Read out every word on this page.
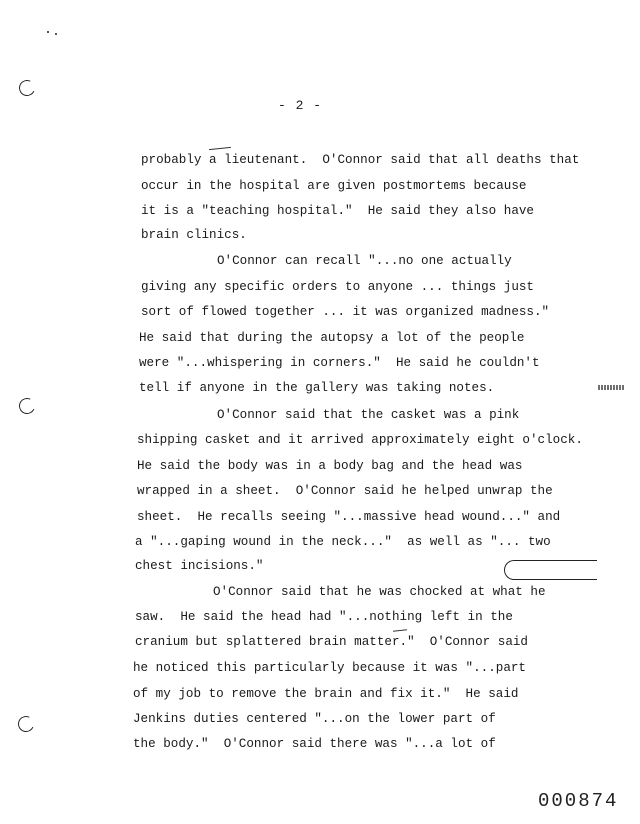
- 2 -
probably a lieutenant.  O'Connor said that all deaths that
occur in the hospital are given postmortems because
it is a "teaching hospital."  He said they also have
brain clinics.
O'Connor can recall "...no one actually
giving any specific orders to anyone ... things just
sort of flowed together ... it was organized madness."
He said that during the autopsy a lot of the people
were "...whispering in corners."  He said he couldn't
tell if anyone in the gallery was taking notes.
O'Connor said that the casket was a pink
shipping casket and it arrived approximately eight o'clock.
He said the body was in a body bag and the head was
wrapped in a sheet.  O'Connor said he helped unwrap the
sheet.  He recalls seeing "...massive head wound..." and
a "...gaping wound in the neck..."  as well as "... two
chest incisions."
O'Connor said that he was chocked at what he
saw.  He said the head had "...nothing left in the
cranium but splattered brain matter."  O'Connor said
he noticed this particularly because it was "...part
of my job to remove the brain and fix it."  He said
Jenkins duties centered "...on the lower part of
the body."  O'Connor said there was "...a lot of
000874
